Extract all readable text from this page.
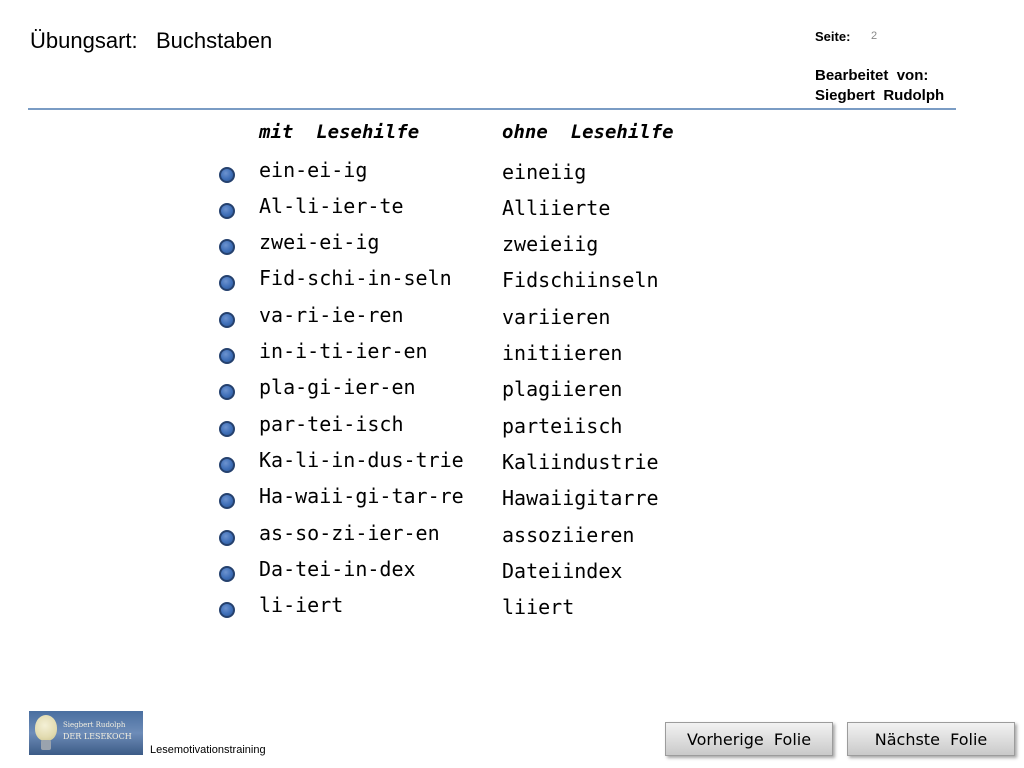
Übungsart: Buchstaben	Seite: 2
Bearbeitet  von:
Siegbert  Rudolph
mit  Lesehilfe	ohne  Lesehilfe
ein-ei-ig	eineiig
Al-li-ier-te	Alliierte
zwei-ei-ig	zweieiig
Fid-schi-in-seln	Fidschiinseln
va-ri-ie-ren	variieren
in-i-ti-ier-en	initiieren
pla-gi-ier-en	plagiieren
par-tei-isch	parteiisch
Ka-li-in-dus-trie Kaliindustrie
Ha-waii-gi-tar-re Hawaiigitarre
as-so-zi-ier-en	assoziieren
Da-tei-in-dex	Dateiindex
li-iert	liiert
Siegbert Rudolph
DER LESEKOCH
Lesemotivationstraining
Vorherige  Folie	Nächste  Folie
